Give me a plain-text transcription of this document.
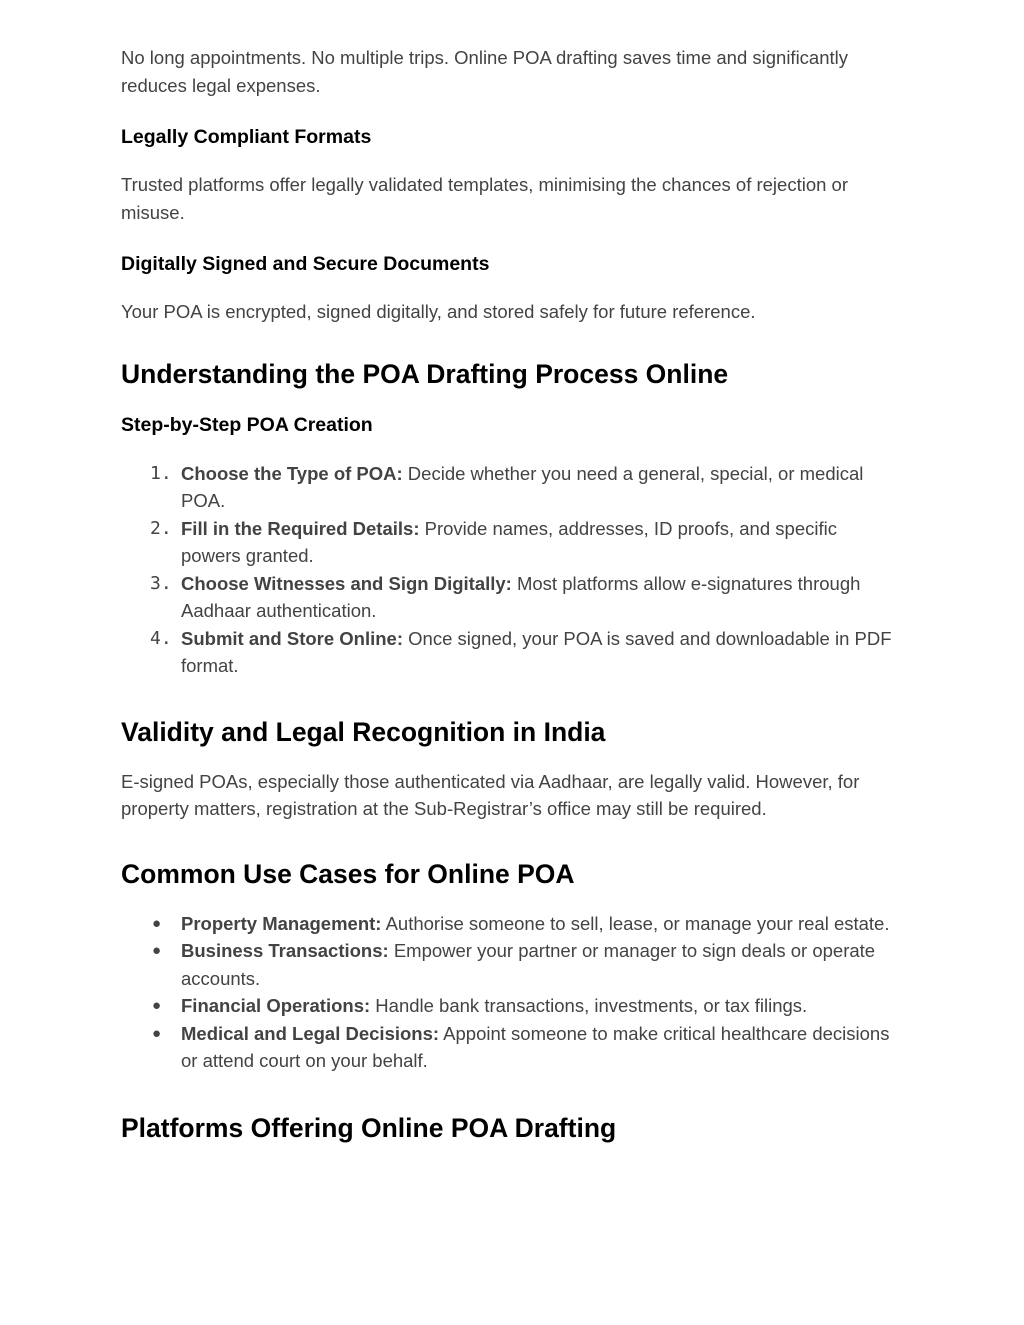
No long appointments. No multiple trips. Online POA drafting saves time and significantly reduces legal expenses.

Legally Compliant Formats

Trusted platforms offer legally validated templates, minimising the chances of rejection or misuse.

Digitally Signed and Secure Documents

Your POA is encrypted, signed digitally, and stored safely for future reference.

Understanding the POA Drafting Process Online
Step-by-Step POA Creation
1. Choose the Type of POA: Decide whether you need a general, special, or medical POA.
2. Fill in the Required Details: Provide names, addresses, ID proofs, and specific powers granted.
3. Choose Witnesses and Sign Digitally: Most platforms allow e-signatures through Aadhaar authentication.
4. Submit and Store Online: Once signed, your POA is saved and downloadable in PDF format.
Validity and Legal Recognition in India

E-signed POAs, especially those authenticated via Aadhaar, are legally valid. However, for property matters, registration at the Sub-Registrar’s office may still be required.

Common Use Cases for Online POA
● Property Management: Authorise someone to sell, lease, or manage your real estate.
● Business Transactions: Empower your partner or manager to sign deals or operate accounts.
● Financial Operations: Handle bank transactions, investments, or tax filings.
● Medical and Legal Decisions: Appoint someone to make critical healthcare decisions or attend court on your behalf.
Platforms Offering Online POA Drafting
